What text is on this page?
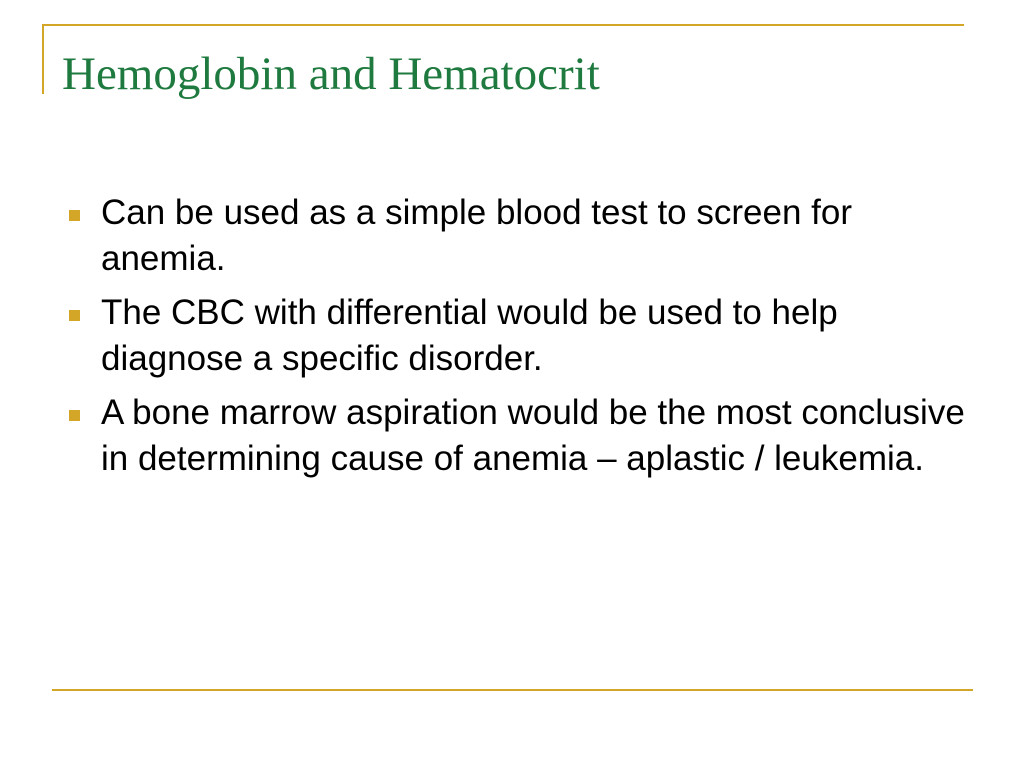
Hemoglobin and Hematocrit
Can be used as a simple blood test to screen for anemia.
The CBC with differential would be used to help diagnose a specific disorder.
A bone marrow aspiration would be the most conclusive in determining cause of anemia – aplastic / leukemia.
